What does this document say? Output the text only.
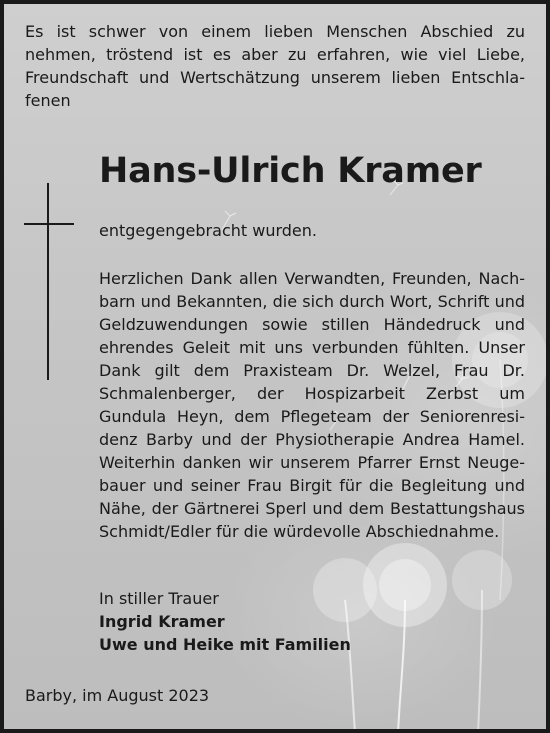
Es ist schwer von einem lieben Menschen Abschied zu nehmen, tröstend ist es aber zu erfahren, wie viel Liebe, Freundschaft und Wertschätzung unserem lieben Entschla-fenen
Hans-Ulrich Kramer
entgegengebracht wurden.
Herzlichen Dank allen Verwandten, Freunden, Nach-barn und Bekannten, die sich durch Wort, Schrift und Geldzuwendungen sowie stillen Händedruck und ehrendes Geleit mit uns verbunden fühlten. Unser Dank gilt dem Praxisteam Dr. Welzel, Frau Dr. Schmalenberger, der Hospizarbeit Zerbst um Gundula Heyn, dem Pflegeteam der Seniorenresi-denz Barby und der Physiotherapie Andrea Hamel. Weiterhin danken wir unserem Pfarrer Ernst Neuge-bauer und seiner Frau Birgit für die Begleitung und Nähe, der Gärtnerei Sperl und dem Bestattungshaus Schmidt/Edler für die würdevolle Abschiednahme.
In stiller Trauer
Ingrid Kramer
Uwe und Heike mit Familien
Barby, im August 2023
